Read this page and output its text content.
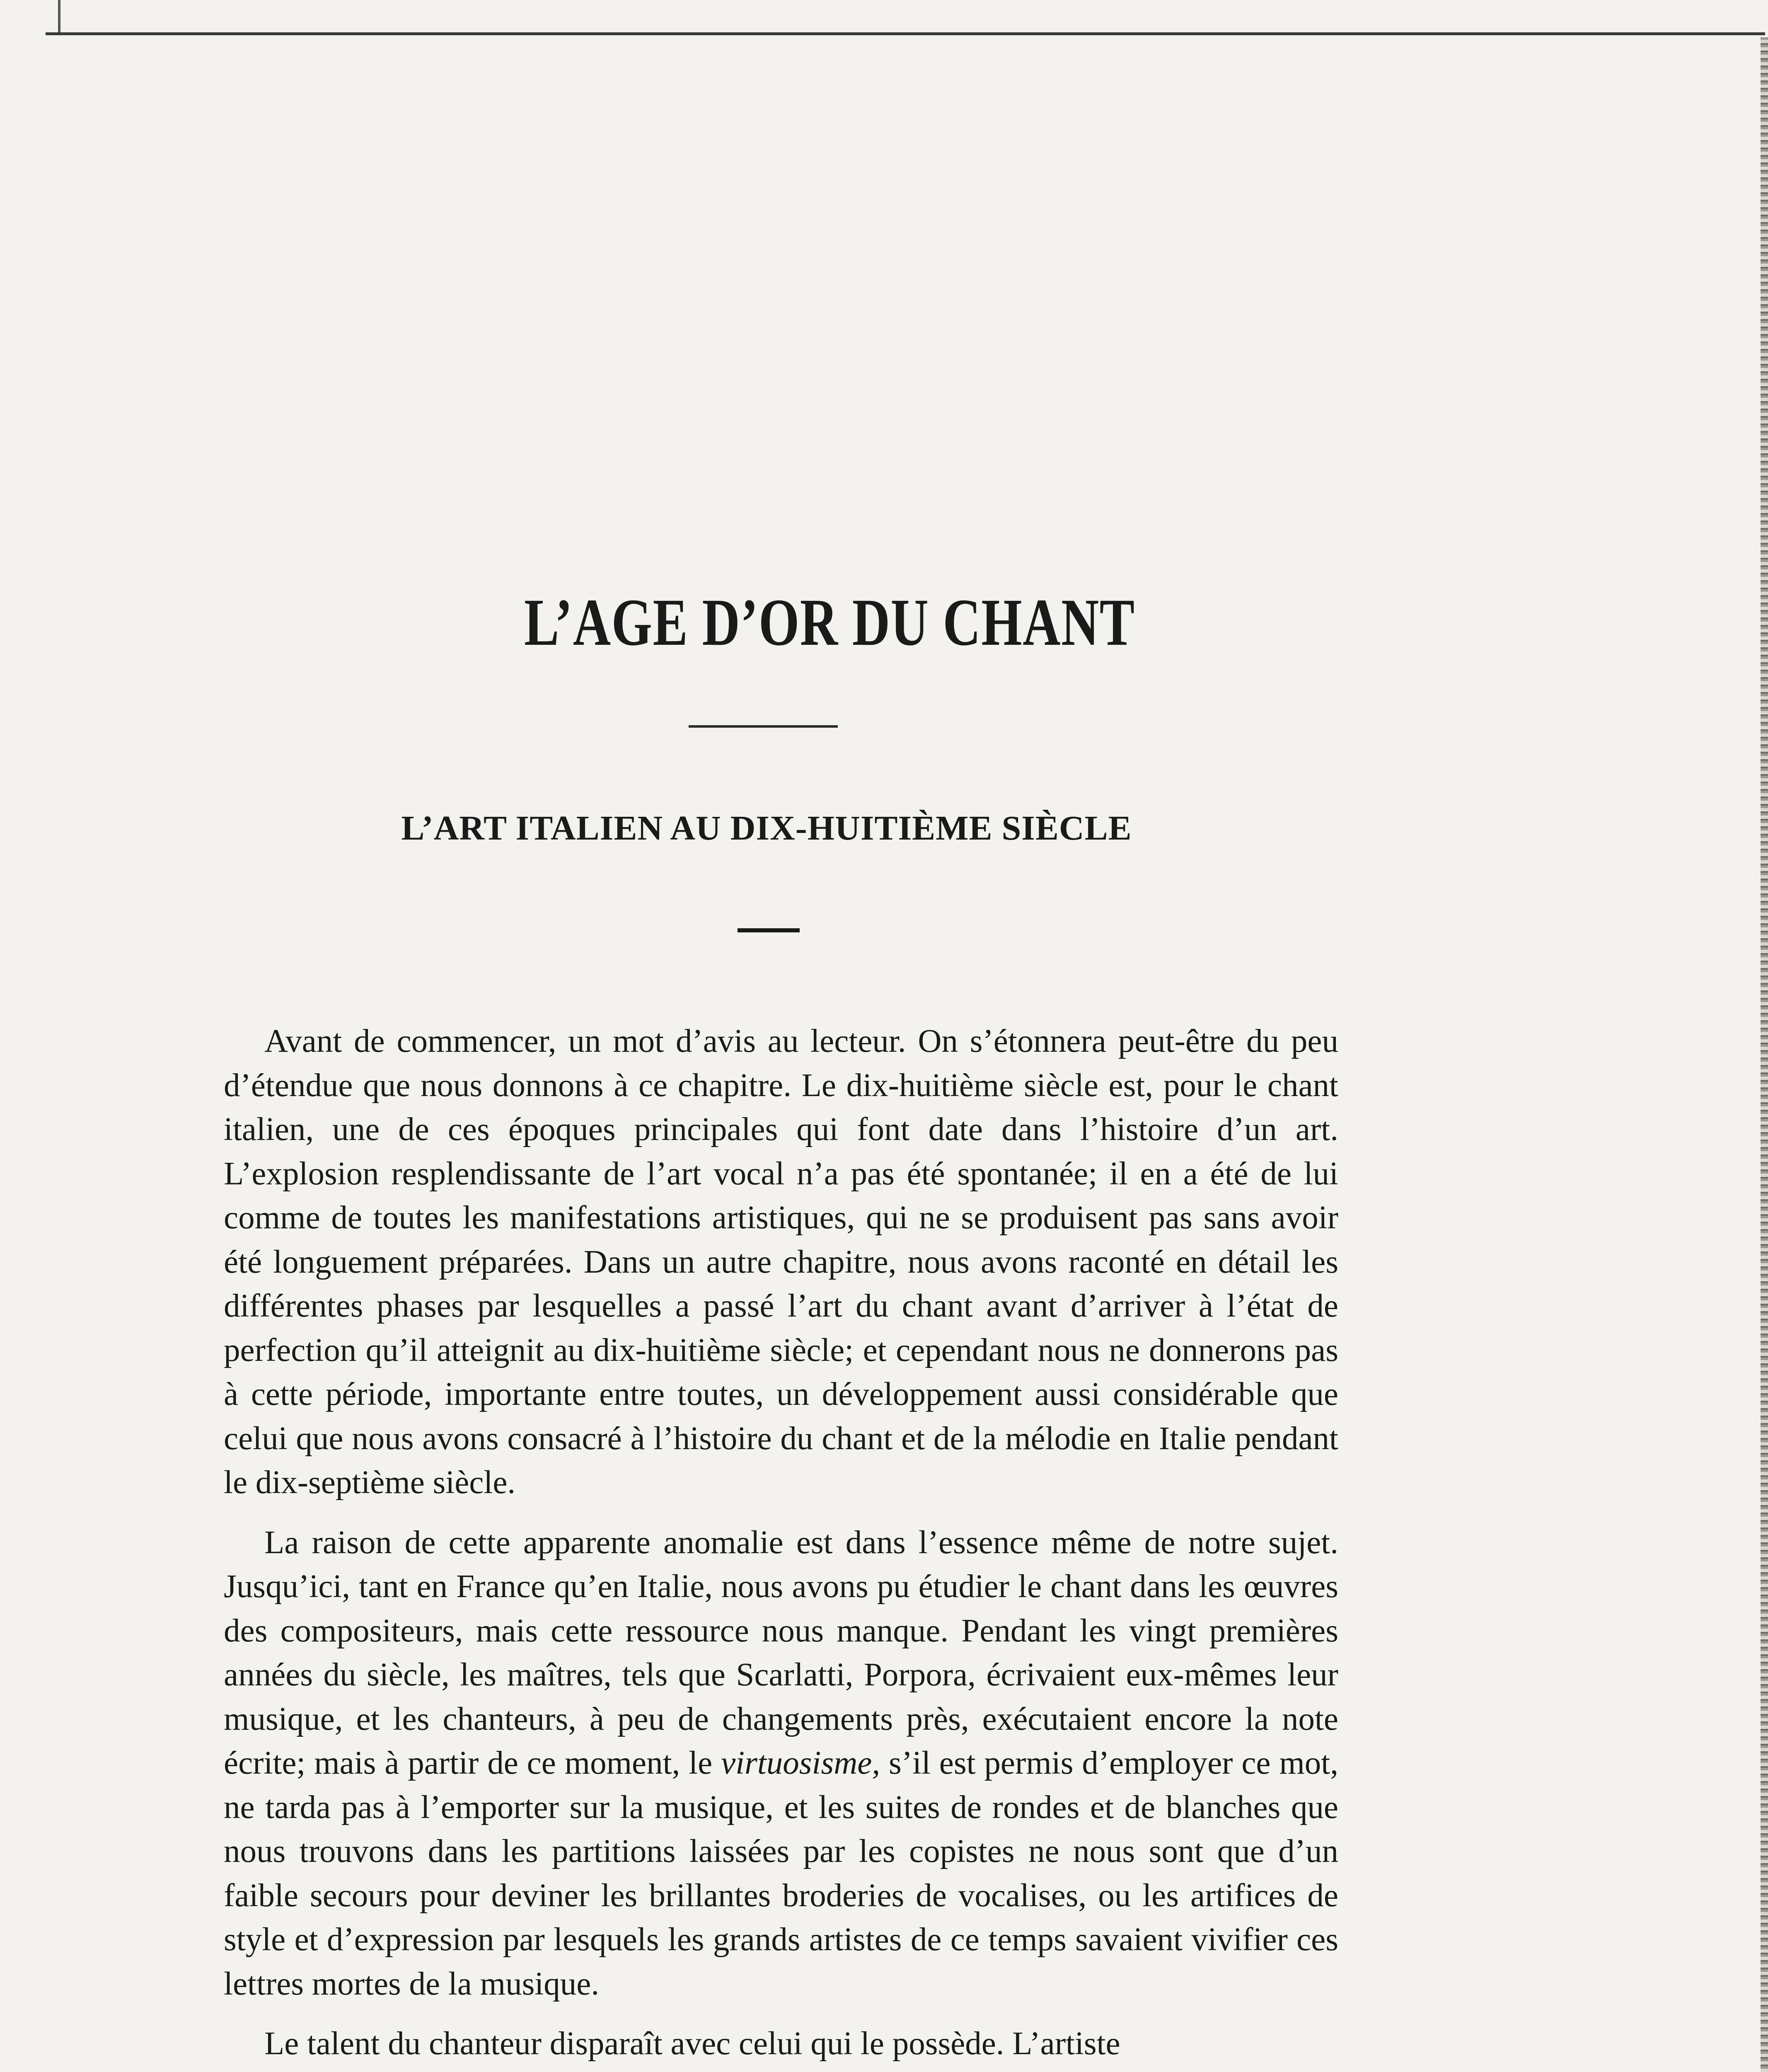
L’AGE D’OR DU CHANT
L’ART ITALIEN AU DIX-HUITIÈME SIÈCLE

Avant de commencer, un mot d’avis au lecteur. On s’étonnera peut-être du peu d’étendue que nous donnons à ce chapitre. Le dix-huitième siècle est, pour le chant italien, une de ces époques principales qui font date dans l’histoire d’un art. L’explosion resplendissante de l’art vocal n’a pas été spontanée; il en a été de lui comme de toutes les manifestations artistiques, qui ne se produisent pas sans avoir été longuement préparées. Dans un autre chapitre, nous avons raconté en détail les différentes phases par lesquelles a passé l’art du chant avant d’arriver à l’état de perfection qu’il atteignit au dix-huitième siècle; et cependant nous ne donnerons pas à cette période, importante entre toutes, un développement aussi considérable que celui que nous avons consacré à l’histoire du chant et de la mélodie en Italie pendant le dix-septième siècle.

La raison de cette apparente anomalie est dans l’essence même de notre sujet. Jusqu’ici, tant en France qu’en Italie, nous avons pu étudier le chant dans les œuvres des compositeurs, mais cette ressource nous manque. Pendant les vingt premières années du siècle, les maîtres, tels que Scarlatti, Porpora, écrivaient eux-mêmes leur musique, et les chanteurs, à peu de changements près, exécutaient encore la note écrite; mais à partir de ce moment, le virtuosisme, s’il est permis d’employer ce mot, ne tarda pas à l’emporter sur la musique, et les suites de rondes et de blanches que nous trouvons dans les partitions laissées par les copistes ne nous sont que d’un faible secours pour deviner les brillantes broderies de vocalises, ou les artifices de style et d’expression par lesquels les grands artistes de ce temps savaient vivifier ces lettres mortes de la musique.

Le talent du chanteur disparaît avec celui qui le possède. L’artiste
